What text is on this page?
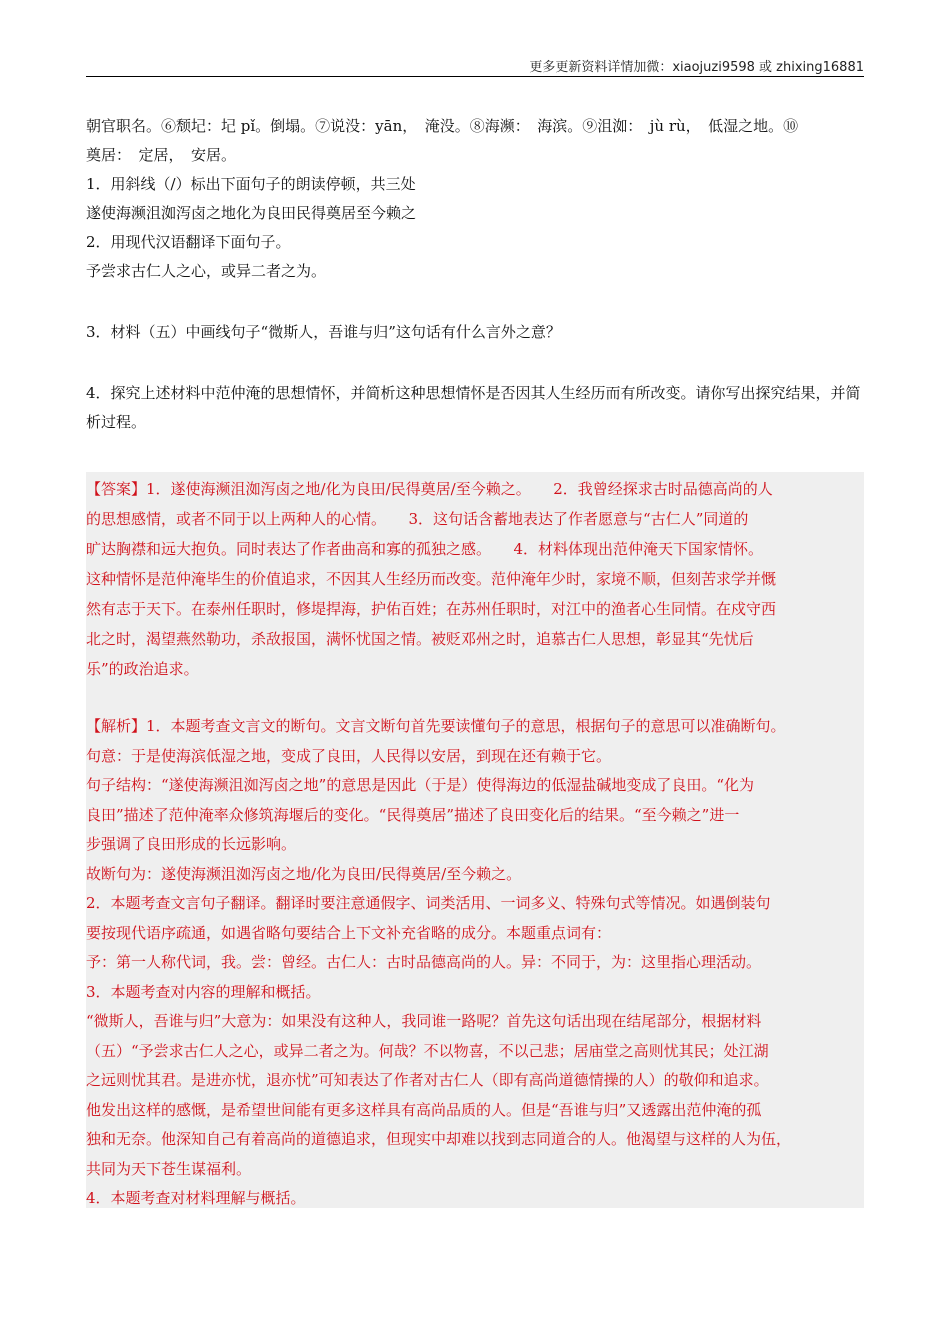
更多更新资料详情加微：xiaojuzi9598 或 zhixing16881

朝官职名。⑥颓圮：圮 pǐ。倒塌。⑦说没：yān，　淹没。⑧海濒：　海滨。⑨沮洳：　jù rù，　低湿之地。⑩

奠居：　定居，　安居。

1．用斜线（/）标出下面句子的朗读停顿，共三处

遂使海濒沮洳泻卤之地化为良田民得奠居至今赖之

2．用现代汉语翻译下面句子。

予尝求古仁人之心，或异二者之为。

3．材料（五）中画线句子“微斯人，吾谁与归”这句话有什么言外之意？

4．探究上述材料中范仲淹的思想情怀，并简析这种思想情怀是否因其人生经历而有所改变。请你写出探究结果，并简析过程。

【答案】1．遂使海濒沮洳泻卤之地/化为良田/民得奠居/至今赖之。　　2．我曾经探求古时品德高尚的人

的思想感情，或者不同于以上两种人的心情。　　3．这句话含蓄地表达了作者愿意与“古仁人”同道的

旷达胸襟和远大抱负。同时表达了作者曲高和寡的孤独之感。　　4．材料体现出范仲淹天下国家情怀。

这种情怀是范仲淹毕生的价值追求，不因其人生经历而改变。范仲淹年少时，家境不顺，但刻苦求学并慨

然有志于天下。在泰州任职时，修堤捍海，护佑百姓；在苏州任职时，对江中的渔者心生同情。在戍守西

北之时，渴望燕然勒功，杀敌报国，满怀忧国之情。被贬邓州之时，追慕古仁人思想，彰显其“先忧后

乐”的政治追求。

【解析】1．本题考查文言文的断句。文言文断句首先要读懂句子的意思，根据句子的意思可以准确断句。

句意：于是使海滨低湿之地，变成了良田，人民得以安居，到现在还有赖于它。

句子结构：“遂使海濒沮洳泻卤之地”的意思是因此（于是）使得海边的低湿盐碱地变成了良田。“化为

良田”描述了范仲淹率众修筑海堰后的变化。“民得奠居”描述了良田变化后的结果。“至今赖之”进一

步强调了良田形成的长远影响。

故断句为：遂使海濒沮洳泻卤之地/化为良田/民得奠居/至今赖之。

2．本题考查文言句子翻译。翻译时要注意通假字、词类活用、一词多义、特殊句式等情况。如遇倒装句

要按现代语序疏通，如遇省略句要结合上下文补充省略的成分。本题重点词有：

予：第一人称代词，我。尝：曾经。古仁人：古时品德高尚的人。异：不同于，为：这里指心理活动。

3．本题考查对内容的理解和概括。

“微斯人，吾谁与归”大意为：如果没有这种人，我同谁一路呢？首先这句话出现在结尾部分，根据材料

（五）“予尝求古仁人之心，或异二者之为。何哉？不以物喜，不以己悲；居庙堂之高则忧其民；处江湖

之远则忧其君。是进亦忧，退亦忧”可知表达了作者对古仁人（即有高尚道德情操的人）的敬仰和追求。

他发出这样的感慨，是希望世间能有更多这样具有高尚品质的人。但是“吾谁与归”又透露出范仲淹的孤

独和无奈。他深知自己有着高尚的道德追求，但现实中却难以找到志同道合的人。他渴望与这样的人为伍，

共同为天下苍生谋福利。

4．本题考查对材料理解与概括。
